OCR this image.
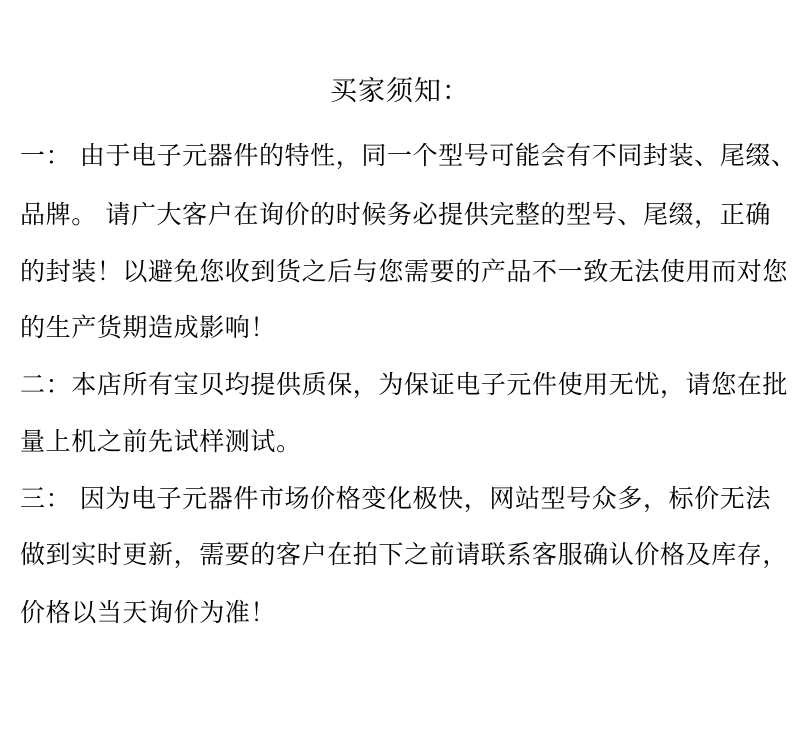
买家须知：
一： 由于电子元器件的特性，同一个型号可能会有不同封装、尾缀、
品牌。 请广大客户在询价的时候务必提供完整的型号、尾缀，正确
的封装！以避免您收到货之后与您需要的产品不一致无法使用而对您
的生产货期造成影响！
二：本店所有宝贝均提供质保，为保证电子元件使用无忧，请您在批
量上机之前先试样测试。
三： 因为电子元器件市场价格变化极快，网站型号众多，标价无法
做到实时更新，需要的客户在拍下之前请联系客服确认价格及库存，
价格以当天询价为准！
